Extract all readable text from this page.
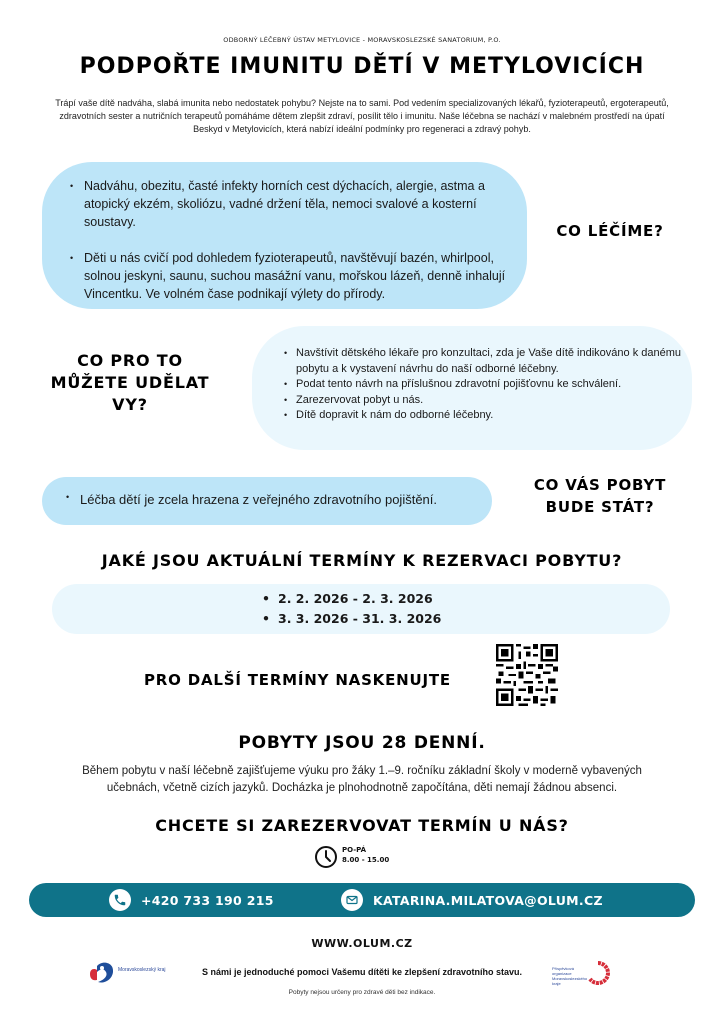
ODBORNÝ LÉČEBNÝ ÚSTAV METYLOVICE - MORAVSKOSLEZSKÉ SANATORIUM, P.O.
PODPOŘTE IMUNITU DĚTÍ V METYLOVICÍCH

Trápí vaše dítě nadváha, slabá imunita nebo nedostatek pohybu? Nejste na to sami. Pod vedením specializovaných lékařů, fyzioterapeutů, ergoterapeutů, zdravotních sester a nutričních terapeutů pomáháme dětem zlepšit zdraví, posílit tělo i imunitu. Naše léčebna se nachází v malebném prostředí na úpatí Beskyd v Metylovicích, která nabízí ideální podmínky pro regeneraci a zdravý pohyb.

• Nadváhu, obezitu, časté infekty horních cest dýchacích, alergie, astma a atopický ekzém, skoliózu, vadné držení těla, nemoci svalové a kosterní soustavy.
• Děti u nás cvičí pod dohledem fyzioterapeutů, navštěvují bazén, whirlpool, solnou jeskyni, saunu, suchou masážní vanu, mořskou lázeň, denně inhalují Vincentku. Ve volném čase podnikají výlety do přírody.
CO LÉČÍME?
CO PRO TO MŮŽETE UDĚLAT VY?
• Navštívit dětského lékaře pro konzultaci, zda je Vaše dítě indikováno k danému pobytu a k vystavení návrhu do naší odborné léčebny.
• Podat tento návrh na příslušnou zdravotní pojišťovnu ke schválení.
• Zarezervovat pobyt u nás.
• Dítě dopravit k nám do odborné léčebny.
• Léčba dětí je zcela hrazena z veřejného zdravotního pojištění.
CO VÁS POBYT BUDE STÁT?
JAKÉ JSOU AKTUÁLNÍ TERMÍNY K REZERVACI POBYTU?
• 2. 2. 2026 - 2. 3. 2026
• 3. 3. 2026 - 31. 3. 2026
PRO DALŠÍ TERMÍNY NASKENUJTE
POBYTY JSOU 28 DENNÍ.

Během pobytu v naší léčebně zajišťujeme výuku pro žáky 1.–9. ročníku základní školy v moderně vybavených učebnách, včetně cizích jazyků. Docházka je plnohodnotně započítána, děti nemají žádnou absenci.

CHCETE SI ZAREZERVOVAT TERMÍN U NÁS?
PO-PÁ
8.00 - 15.00
+420 733 190 215	KATARINA.MILATOVA@OLUM.CZ
WWW.OLUM.CZ
Moravskoslezský kraj	S námi je jednoduché pomoci Vašemu dítěti ke zlepšení zdravotního stavu.	Příspěvková organizace Moravskoslezského kraje
Pobyty nejsou určeny pro zdravé děti bez indikace.
